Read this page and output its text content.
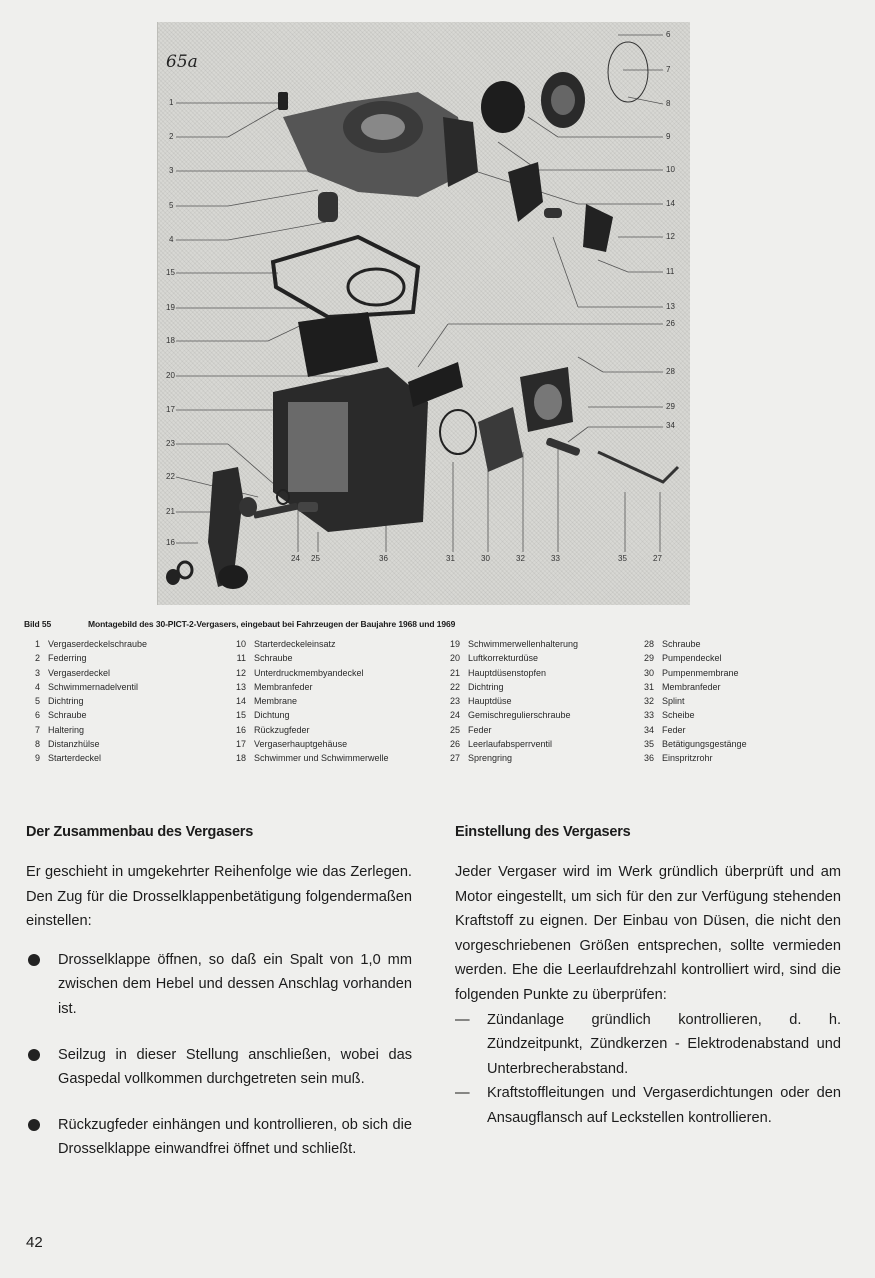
65a
1
2
3
5
4
15
19
18
20
17
23
22
21
16
6
7
8
9
10
14
12
11
13
26
28
29
34
24 25	36	31	30	32	33	35	27
Bild 55	Montagebild des 30-PICT-2-Vergasers, eingebaut bei Fahrzeugen der Baujahre 1968 und 1969
1 Vergaserdeckelschraube
2 Federring
3 Vergaserdeckel
4 Schwimmernadelventil
5 Dichtring
6 Schraube
7 Haltering
8 Distanzhülse
9 Starterdeckel
10 Starterdeckeleinsatz
11 Schraube
12 Unterdruckmembyandeckel
13 Membranfeder
14 Membrane
15 Dichtung
16 Rückzugfeder
17 Vergaserhauptgehäuse
18 Schwimmer und Schwimmerwelle
19 Schwimmerwellenhalterung
20 Luftkorrekturdüse
21 Hauptdüsenstopfen
22 Dichtring
23 Hauptdüse
24 Gemischregulierschraube
25 Feder
26 Leerlaufabsperrventil
27 Sprengring
28 Schraube
29 Pumpendeckel
30 Pumpenmembrane
31 Membranfeder
32 Splint
33 Scheibe
34 Feder
35 Betätigungsgestänge
36 Einspritzrohr
Der Zusammenbau des Vergasers

Er geschieht in umgekehrter Reihenfolge wie das Zerlegen. Den Zug für die Drosselklappenbetätigung folgendermaßen einstellen:

Drosselklappe öffnen, so daß ein Spalt von 1,0 mm zwischen dem Hebel und dessen Anschlag vorhanden ist.
Seilzug in dieser Stellung anschließen, wobei das Gaspedal vollkommen durchgetreten sein muß.
Rückzugfeder einhängen und kontrollieren, ob sich die Drosselklappe einwandfrei öffnet und schließt.
Einstellung des Vergasers

Jeder Vergaser wird im Werk gründlich überprüft und am Motor eingestellt, um sich für den zur Verfügung stehenden Kraftstoff zu eignen. Der Einbau von Düsen, die nicht den vorgeschriebenen Größen entsprechen, sollte vermieden werden. Ehe die Leerlaufdrehzahl kontrolliert wird, sind die folgenden Punkte zu überprüfen:

— Zündanlage gründlich kontrollieren, d. h. Zündzeitpunkt, Zündkerzen - Elektrodenabstand und Unterbrecherabstand.
— Kraftstoffleitungen und Vergaserdichtungen oder den Ansaugflansch auf Leckstellen kontrollieren.
42
